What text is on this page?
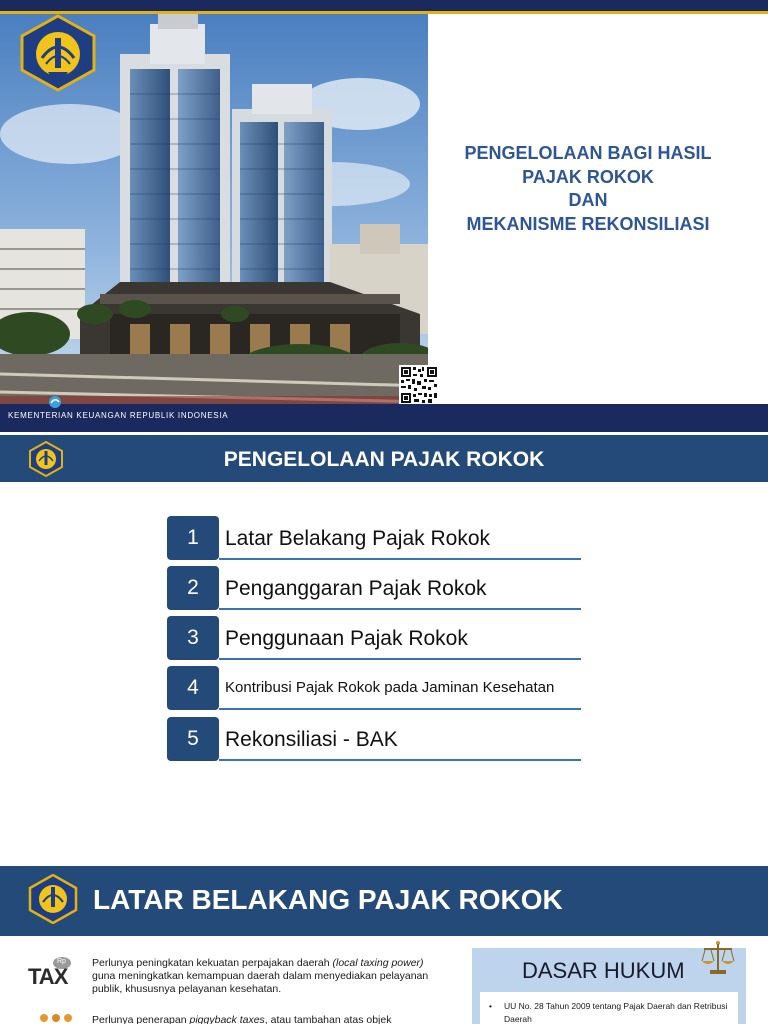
PENGELOLAAN BAGI HASIL
PAJAK ROKOK
DAN
MEKANISME REKONSILIASI
KEMENTERIAN KEUANGAN REPUBLIK INDONESIA
PENGELOLAAN PAJAK ROKOK
1	Latar Belakang Pajak Rokok
2	Penganggaran Pajak Rokok
3	Penggunaan Pajak Rokok
4	Kontribusi Pajak Rokok pada Jaminan Kesehatan
5	Rekonsiliasi - BAK
LATAR BELAKANG PAJAK ROKOK
Rp
TAX
Perlunya peningkatan kekuatan perpajakan daerah (local taxing power) guna meningkatkan kemampuan daerah dalam menyediakan pelayanan publik, khususnya pelayanan kesehatan.
Perlunya penerapan piggyback taxes, atau tambahan atas objek
DASAR HUKUM
• UU No. 28 Tahun 2009 tentang Pajak Daerah dan Retribusi Daerah
